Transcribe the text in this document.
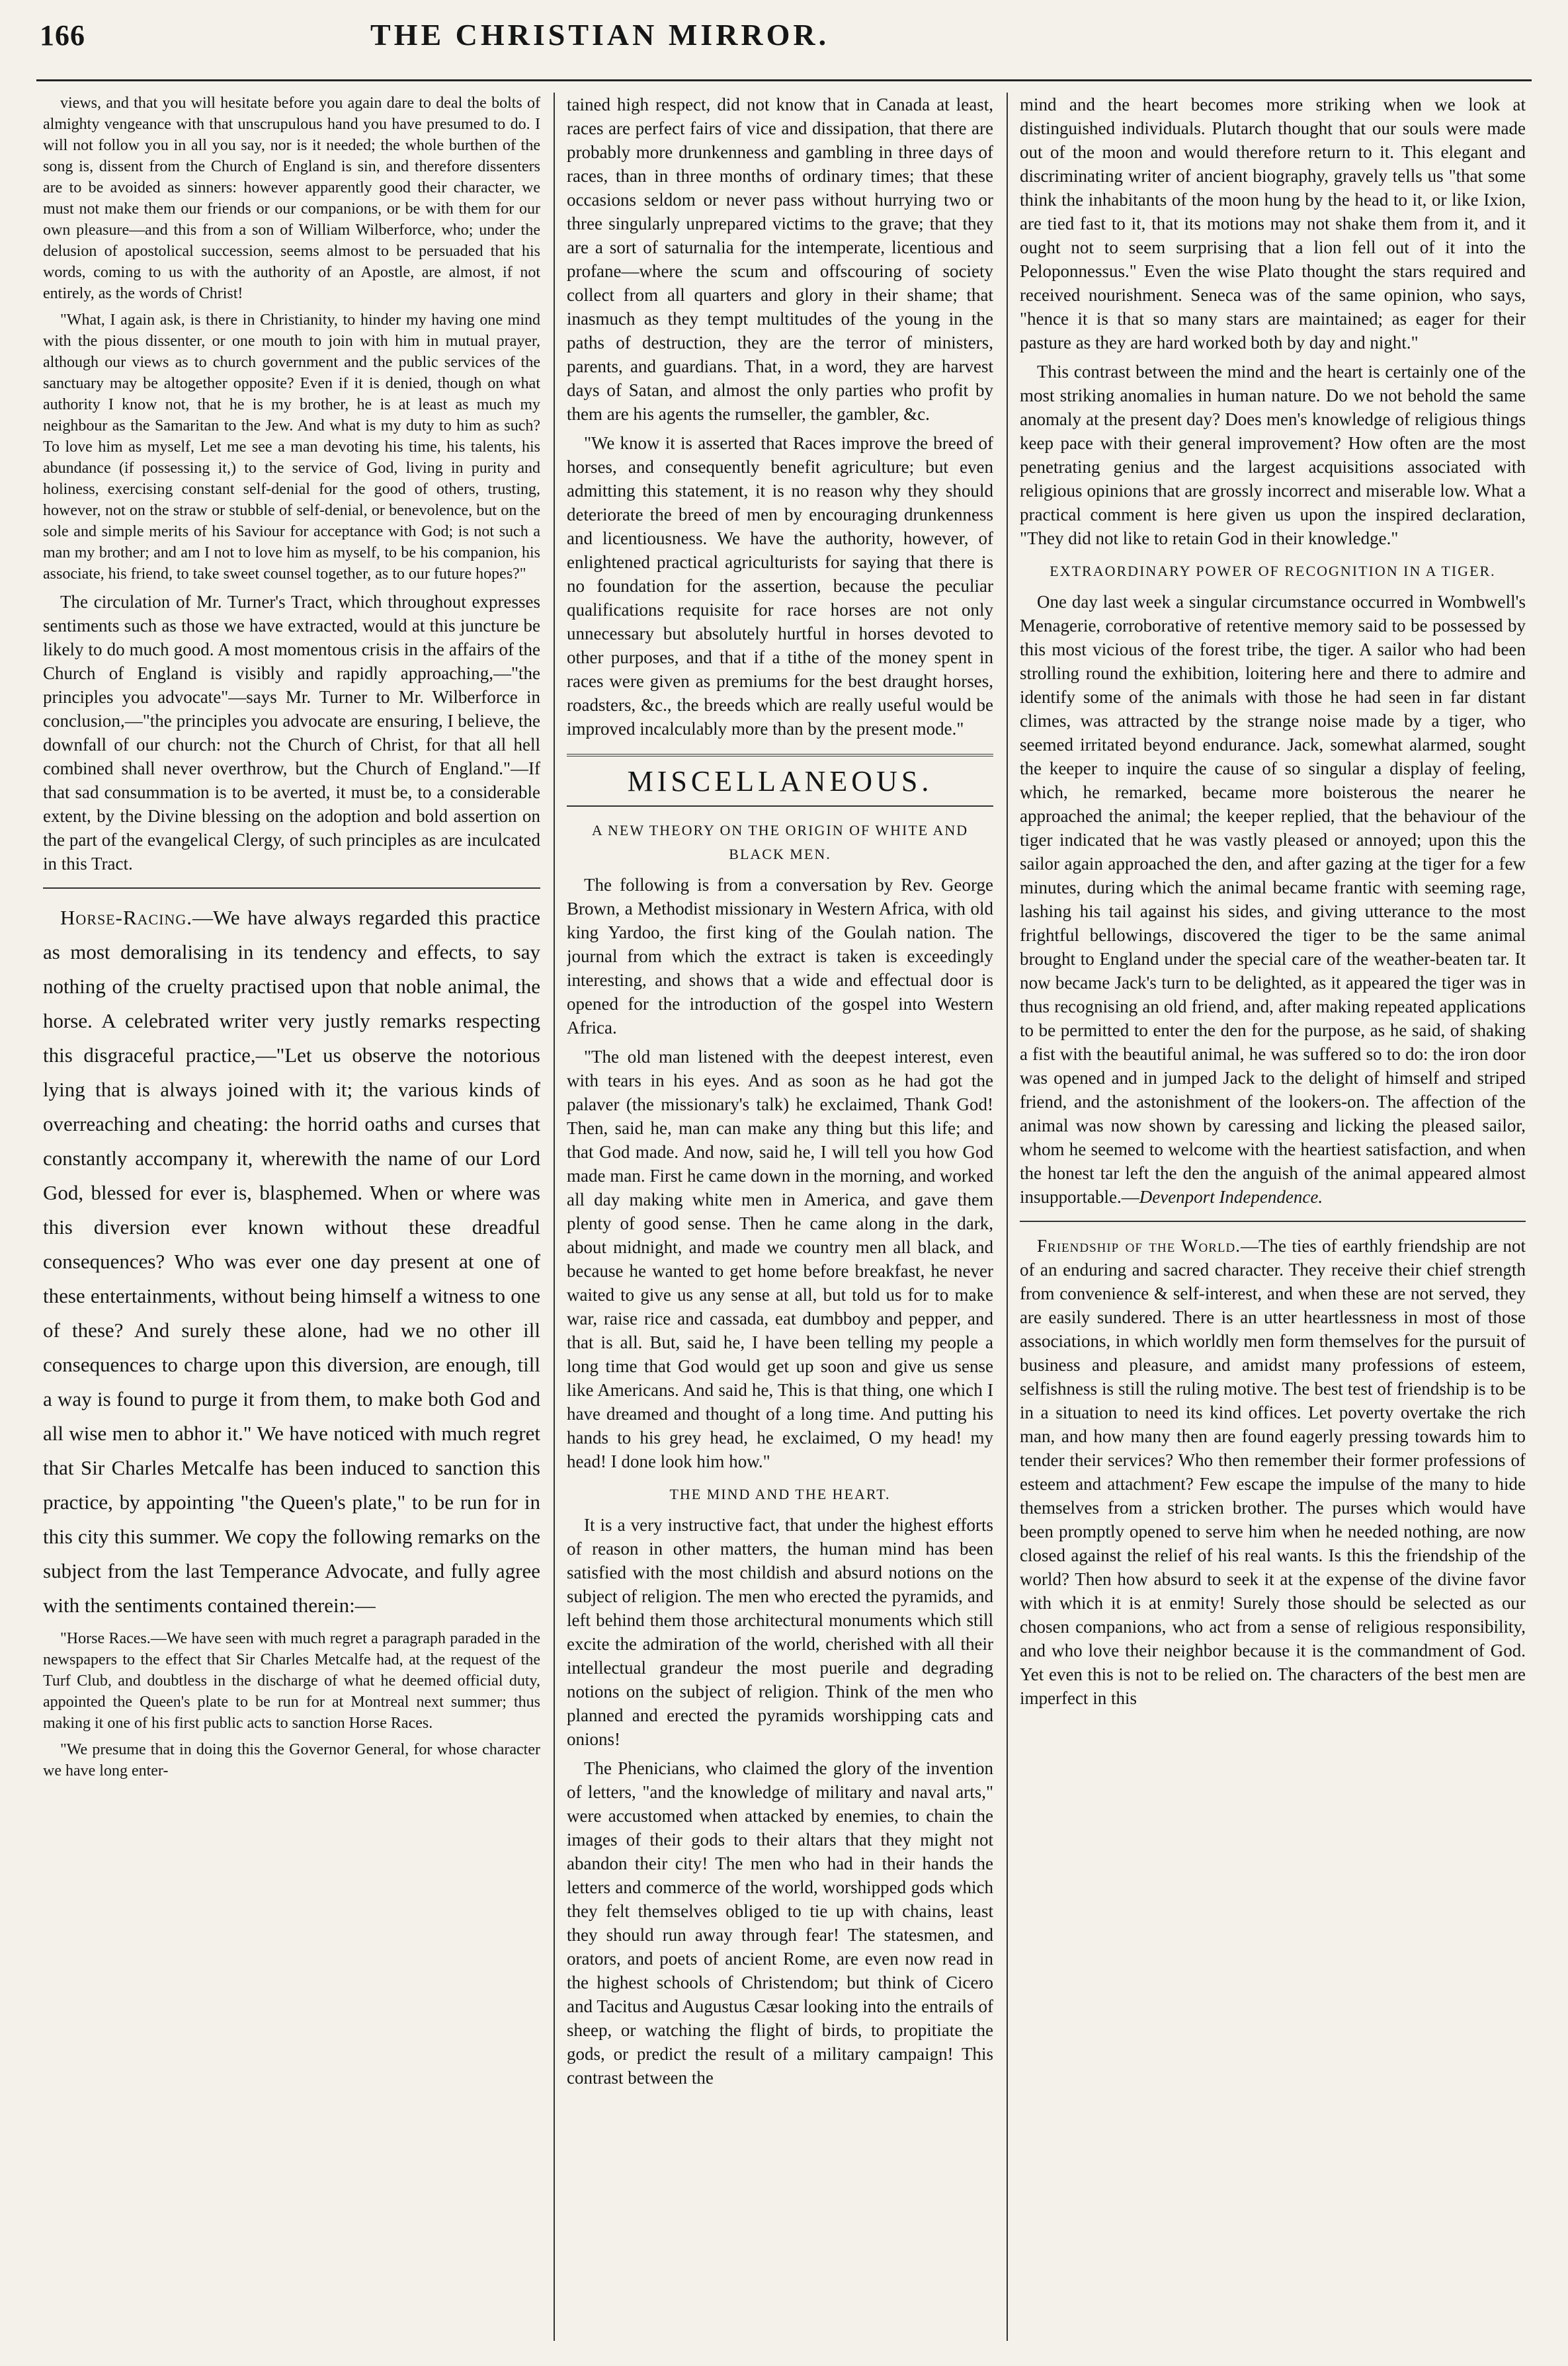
166	THE CHRISTIAN MIRROR.

views, and that you will hesitate before you again dare to deal the bolts of almighty vengeance with that unscrupulous hand you have presumed to do. I will not follow you in all you say, nor is it needed; the whole burthen of the song is, dissent from the Church of England is sin, and therefore dissenters are to be avoided as sinners: however apparently good their character, we must not make them our friends or our companions, or be with them for our own pleasure—and this from a son of William Wilberforce, who; under the delusion of apostolical succession, seems almost to be persuaded that his words, coming to us with the authority of an Apostle, are almost, if not entirely, as the words of Christ!

"What, I again ask, is there in Christianity, to hinder my having one mind with the pious dissenter, or one mouth to join with him in mutual prayer, although our views as to church government and the public services of the sanctuary may be altogether opposite? Even if it is denied, though on what authority I know not, that he is my brother, he is at least as much my neighbour as the Samaritan to the Jew. And what is my duty to him as such? To love him as myself, Let me see a man devoting his time, his talents, his abundance (if possessing it,) to the service of God, living in purity and holiness, exercising constant self-denial for the good of others, trusting, however, not on the straw or stubble of self-denial, or benevolence, but on the sole and simple merits of his Saviour for acceptance with God; is not such a man my brother; and am I not to love him as myself, to be his companion, his associate, his friend, to take sweet counsel together, as to our future hopes?"

The circulation of Mr. Turner's Tract, which throughout expresses sentiments such as those we have extracted, would at this juncture be likely to do much good. A most momentous crisis in the affairs of the Church of England is visibly and rapidly approaching,—"the principles you advocate"—says Mr. Turner to Mr. Wilberforce in conclusion,—"the principles you advocate are ensuring, I believe, the downfall of our church: not the Church of Christ, for that all hell combined shall never overthrow, but the Church of England."—If that sad consummation is to be averted, it must be, to a considerable extent, by the Divine blessing on the adoption and bold assertion on the part of the evangelical Clergy, of such principles as are inculcated in this Tract.

Horse-Racing.—We have always regarded this practice as most demoralising in its tendency and effects, to say nothing of the cruelty practised upon that noble animal, the horse. A celebrated writer very justly remarks respecting this disgraceful practice,—"Let us observe the notorious lying that is always joined with it; the various kinds of overreaching and cheating: the horrid oaths and curses that constantly accompany it, wherewith the name of our Lord God, blessed for ever is, blasphemed. When or where was this diversion ever known without these dreadful consequences? Who was ever one day present at one of these entertainments, without being himself a witness to one of these? And surely these alone, had we no other ill consequences to charge upon this diversion, are enough, till a way is found to purge it from them, to make both God and all wise men to abhor it." We have noticed with much regret that Sir Charles Metcalfe has been induced to sanction this practice, by appointing "the Queen's plate," to be run for in this city this summer. We copy the following remarks on the subject from the last Temperance Advocate, and fully agree with the sentiments contained therein:—

"Horse Races.—We have seen with much regret a paragraph paraded in the newspapers to the effect that Sir Charles Metcalfe had, at the request of the Turf Club, and doubtless in the discharge of what he deemed official duty, appointed the Queen's plate to be run for at Montreal next summer; thus making it one of his first public acts to sanction Horse Races.

"We presume that in doing this the Governor General, for whose character we have long enter-

tained high respect, did not know that in Canada at least, races are perfect fairs of vice and dissipation, that there are probably more drunkenness and gambling in three days of races, than in three months of ordinary times; that these occasions seldom or never pass without hurrying two or three singularly unprepared victims to the grave; that they are a sort of saturnalia for the intemperate, licentious and profane—where the scum and offscouring of society collect from all quarters and glory in their shame; that inasmuch as they tempt multitudes of the young in the paths of destruction, they are the terror of ministers, parents, and guardians. That, in a word, they are harvest days of Satan, and almost the only parties who profit by them are his agents the rumseller, the gambler, &c.

"We know it is asserted that Races improve the breed of horses, and consequently benefit agriculture; but even admitting this statement, it is no reason why they should deteriorate the breed of men by encouraging drunkenness and licentiousness. We have the authority, however, of enlightened practical agriculturists for saying that there is no foundation for the assertion, because the peculiar qualifications requisite for race horses are not only unnecessary but absolutely hurtful in horses devoted to other purposes, and that if a tithe of the money spent in races were given as premiums for the best draught horses, roadsters, &c., the breeds which are really useful would be improved incalculably more than by the present mode."

MISCELLANEOUS.
A NEW THEORY ON THE ORIGIN OF WHITE AND BLACK MEN.

The following is from a conversation by Rev. George Brown, a Methodist missionary in Western Africa, with old king Yardoo, the first king of the Goulah nation. The journal from which the extract is taken is exceedingly interesting, and shows that a wide and effectual door is opened for the introduction of the gospel into Western Africa.

"The old man listened with the deepest interest, even with tears in his eyes. And as soon as he had got the palaver (the missionary's talk) he exclaimed, Thank God! Then, said he, man can make any thing but this life; and that God made. And now, said he, I will tell you how God made man. First he came down in the morning, and worked all day making white men in America, and gave them plenty of good sense. Then he came along in the dark, about midnight, and made we country men all black, and because he wanted to get home before breakfast, he never waited to give us any sense at all, but told us for to make war, raise rice and cassada, eat dumbboy and pepper, and that is all. But, said he, I have been telling my people a long time that God would get up soon and give us sense like Americans. And said he, This is that thing, one which I have dreamed and thought of a long time. And putting his hands to his grey head, he exclaimed, O my head! my head! I done look him how."

THE MIND AND THE HEART.

It is a very instructive fact, that under the highest efforts of reason in other matters, the human mind has been satisfied with the most childish and absurd notions on the subject of religion. The men who erected the pyramids, and left behind them those architectural monuments which still excite the admiration of the world, cherished with all their intellectual grandeur the most puerile and degrading notions on the subject of religion. Think of the men who planned and erected the pyramids worshipping cats and onions!

The Phenicians, who claimed the glory of the invention of letters, "and the knowledge of military and naval arts," were accustomed when attacked by enemies, to chain the images of their gods to their altars that they might not abandon their city! The men who had in their hands the letters and commerce of the world, worshipped gods which they felt themselves obliged to tie up with chains, least they should run away through fear! The statesmen, and orators, and poets of ancient Rome, are even now read in the highest schools of Christendom; but think of Cicero and Tacitus and Augustus Cæsar looking into the entrails of sheep, or watching the flight of birds, to propitiate the gods, or predict the result of a military campaign! This contrast between the

mind and the heart becomes more striking when we look at distinguished individuals. Plutarch thought that our souls were made out of the moon and would therefore return to it. This elegant and discriminating writer of ancient biography, gravely tells us "that some think the inhabitants of the moon hung by the head to it, or like Ixion, are tied fast to it, that its motions may not shake them from it, and it ought not to seem surprising that a lion fell out of it into the Peloponnessus." Even the wise Plato thought the stars required and received nourishment. Seneca was of the same opinion, who says, "hence it is that so many stars are maintained; as eager for their pasture as they are hard worked both by day and night."

This contrast between the mind and the heart is certainly one of the most striking anomalies in human nature. Do we not behold the same anomaly at the present day? Does men's knowledge of religious things keep pace with their general improvement? How often are the most penetrating genius and the largest acquisitions associated with religious opinions that are grossly incorrect and miserable low. What a practical comment is here given us upon the inspired declaration, "They did not like to retain God in their knowledge."

EXTRAORDINARY POWER OF RECOGNITION IN A TIGER.

One day last week a singular circumstance occurred in Wombwell's Menagerie, corroborative of retentive memory said to be possessed by this most vicious of the forest tribe, the tiger. A sailor who had been strolling round the exhibition, loitering here and there to admire and identify some of the animals with those he had seen in far distant climes, was attracted by the strange noise made by a tiger, who seemed irritated beyond endurance. Jack, somewhat alarmed, sought the keeper to inquire the cause of so singular a display of feeling, which, he remarked, became more boisterous the nearer he approached the animal; the keeper replied, that the behaviour of the tiger indicated that he was vastly pleased or annoyed; upon this the sailor again approached the den, and after gazing at the tiger for a few minutes, during which the animal became frantic with seeming rage, lashing his tail against his sides, and giving utterance to the most frightful bellowings, discovered the tiger to be the same animal brought to England under the special care of the weather-beaten tar. It now became Jack's turn to be delighted, as it appeared the tiger was in thus recognising an old friend, and, after making repeated applications to be permitted to enter the den for the purpose, as he said, of shaking a fist with the beautiful animal, he was suffered so to do: the iron door was opened and in jumped Jack to the delight of himself and striped friend, and the astonishment of the lookers-on. The affection of the animal was now shown by caressing and licking the pleased sailor, whom he seemed to welcome with the heartiest satisfaction, and when the honest tar left the den the anguish of the animal appeared almost insupportable.—Devenport Independence.

Friendship of the World.—The ties of earthly friendship are not of an enduring and sacred character. They receive their chief strength from convenience & self-interest, and when these are not served, they are easily sundered. There is an utter heartlessness in most of those associations, in which worldly men form themselves for the pursuit of business and pleasure, and amidst many professions of esteem, selfishness is still the ruling motive. The best test of friendship is to be in a situation to need its kind offices. Let poverty overtake the rich man, and how many then are found eagerly pressing towards him to tender their services? Who then remember their former professions of esteem and attachment? Few escape the impulse of the many to hide themselves from a stricken brother. The purses which would have been promptly opened to serve him when he needed nothing, are now closed against the relief of his real wants. Is this the friendship of the world? Then how absurd to seek it at the expense of the divine favor with which it is at enmity! Surely those should be selected as our chosen companions, who act from a sense of religious responsibility, and who love their neighbor because it is the commandment of God. Yet even this is not to be relied on. The characters of the best men are imperfect in this
